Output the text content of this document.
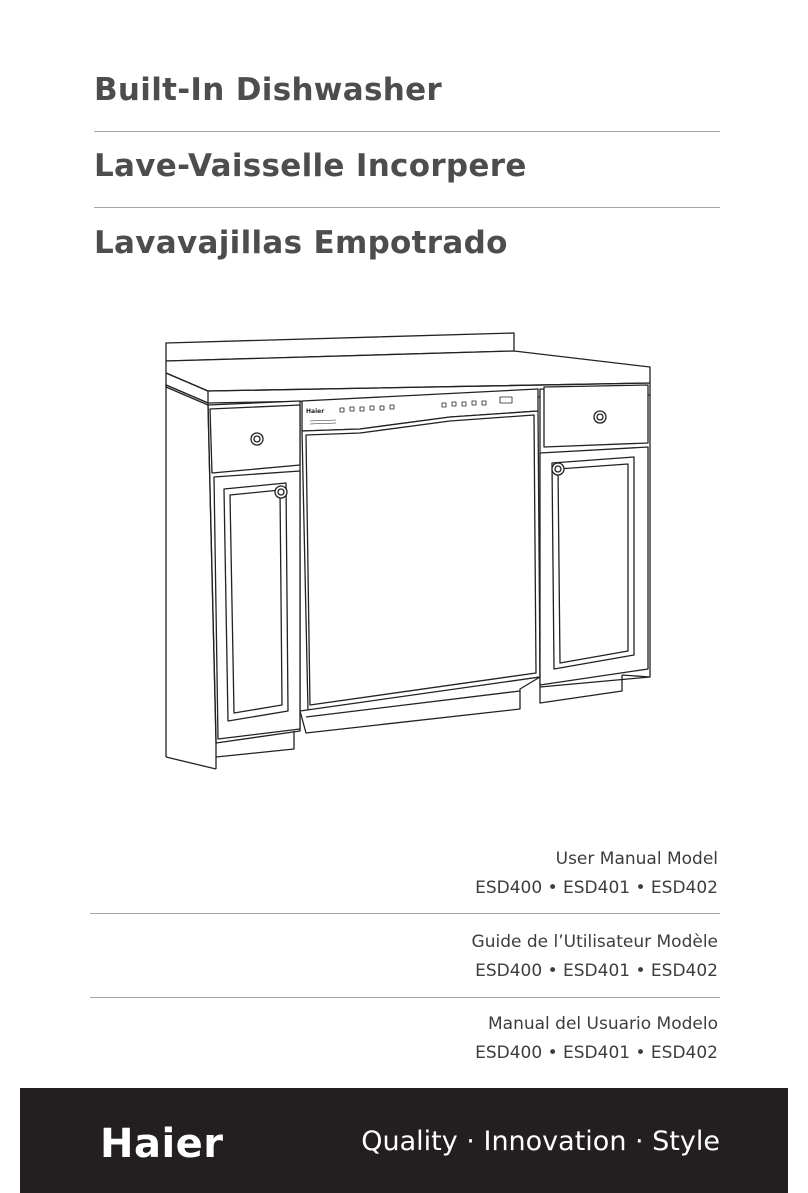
Built-In Dishwasher
Lave-Vaisselle Incorpere
Lavavajillas Empotrado
Haier
User Manual Model
ESD400 • ESD401 • ESD402
Guide de l’Utilisateur Modèle
ESD400 • ESD401 • ESD402
Manual del Usuario Modelo
ESD400 • ESD401 • ESD402
Haier	Quality · Innovation · Style
